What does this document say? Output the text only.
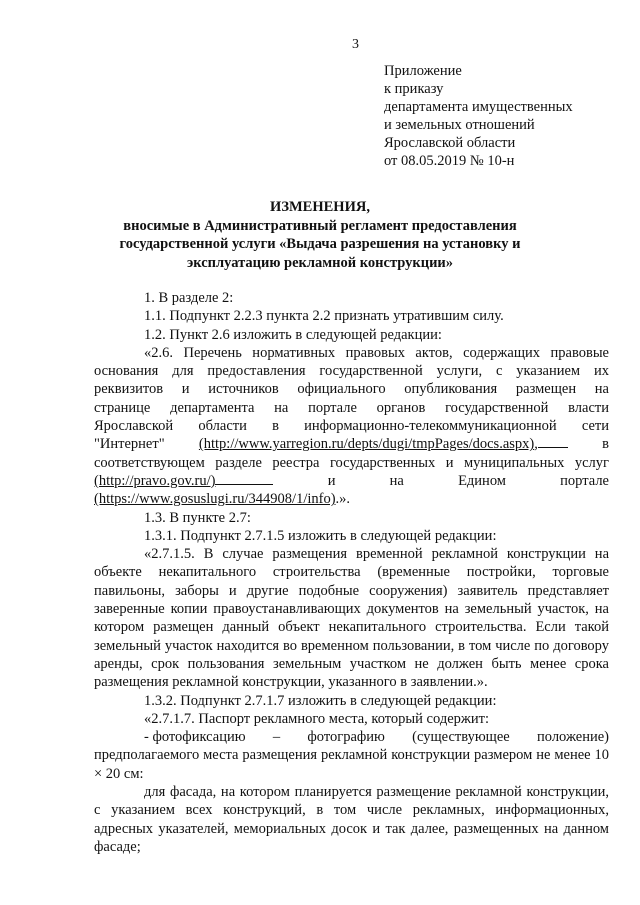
3
Приложение
к приказу
департамента имущественных
и земельных отношений
Ярославской области
от 08.05.2019 № 10-н
ИЗМЕНЕНИЯ,
вносимые в Административный регламент предоставления
государственной услуги «Выдача разрешения на установку и
эксплуатацию рекламной конструкции»

1. В разделе 2:

1.1. Подпункт 2.2.3 пункта 2.2 признать утратившим силу.

1.2. Пункт 2.6 изложить в следующей редакции:

«2.6. Перечень нормативных правовых актов, содержащих правовые
основания для предоставления государственной услуги, с указанием их
реквизитов и источников официального опубликования размещен на
странице департамента на портале органов государственной власти
Ярославской области в информационно-телекоммуникационной сети
"Интернет" (http://www.yarregion.ru/depts/dugi/tmpPages/docs.aspx),	в
соответствующем разделе реестра государственных и муниципальных услуг
(http://pravo.gov.ru/)	и	на	Едином	портале
(https://www.gosuslugi.ru/344908/1/info).».

1.3. В пункте 2.7:

1.3.1. Подпункт 2.7.1.5 изложить в следующей редакции:

«2.7.1.5. В случае размещения временной рекламной конструкции на объекте некапитального строительства (временные постройки, торговые павильоны, заборы и другие подобные сооружения) заявитель представляет заверенные копии правоустанавливающих документов на земельный участок, на котором размещен данный объект некапитального строительства. Если такой земельный участок находится во временном пользовании, в том числе по договору аренды, срок пользования земельным участком не должен быть менее срока размещения рекламной конструкции, указанного в заявлении.».

1.3.2. Подпункт 2.7.1.7 изложить в следующей редакции:

«2.7.1.7. Паспорт рекламного места, который содержит:

- фотофиксацию – фотографию (существующее положение)

предполагаемого места размещения рекламной конструкции размером не менее 10 × 20 см:

для фасада, на котором планируется размещение рекламной конструкции, с указанием всех конструкций, в том числе рекламных, информационных, адресных указателей, мемориальных досок и так далее, размещенных на данном фасаде;
